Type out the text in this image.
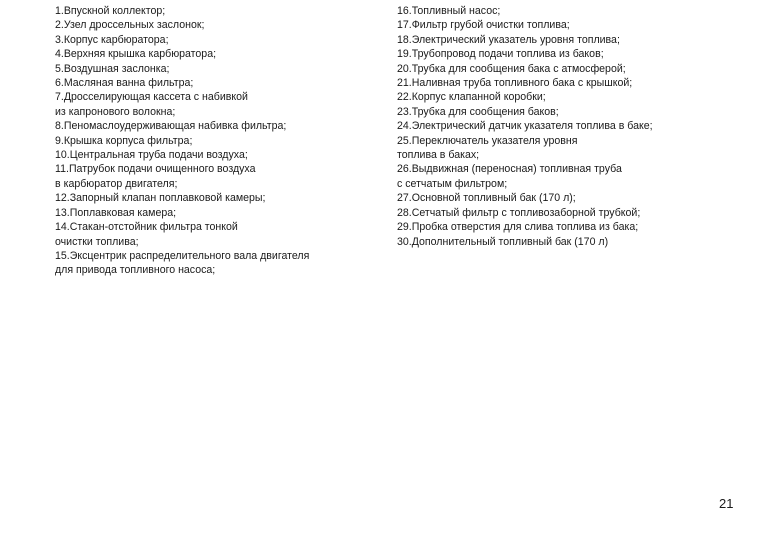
1.Впускной коллектор;
2.Узел дроссельных заслонок;
3.Корпус карбюратора;
4.Верхняя крышка карбюратора;
5.Воздушная заслонка;
6.Масляная ванна фильтра;
7.Дросселирующая кассета с набивкой
из капронового волокна;
8.Пеномаслоудерживающая набивка фильтра;
9.Крышка корпуса фильтра;
10.Центральная труба подачи воздуха;
11.Патрубок подачи очищенного воздуха
в карбюратор двигателя;
12.Запорный клапан поплавковой камеры;
13.Поплавковая камера;
14.Стакан-отстойник фильтра тонкой
очистки топлива;
15.Эксцентрик распределительного вала двигателя
для привода топливного насоса;
16.Топливный насос;
17.Фильтр грубой очистки топлива;
18.Электрический указатель уровня топлива;
19.Трубопровод подачи топлива из баков;
20.Трубка для сообщения бака с атмосферой;
21.Наливная труба топливного бака с крышкой;
22.Корпус клапанной коробки;
23.Трубка для сообщения баков;
24.Электрический датчик указателя топлива в баке;
25.Переключатель указателя уровня
топлива в баках;
26.Выдвижная (переносная) топливная труба
с сетчатым фильтром;
27.Основной топливный бак (170 л);
28.Сетчатый фильтр с топливозаборной трубкой;
29.Пробка отверстия для слива топлива из бака;
30.Дополнительный топливный бак (170 л)
21
